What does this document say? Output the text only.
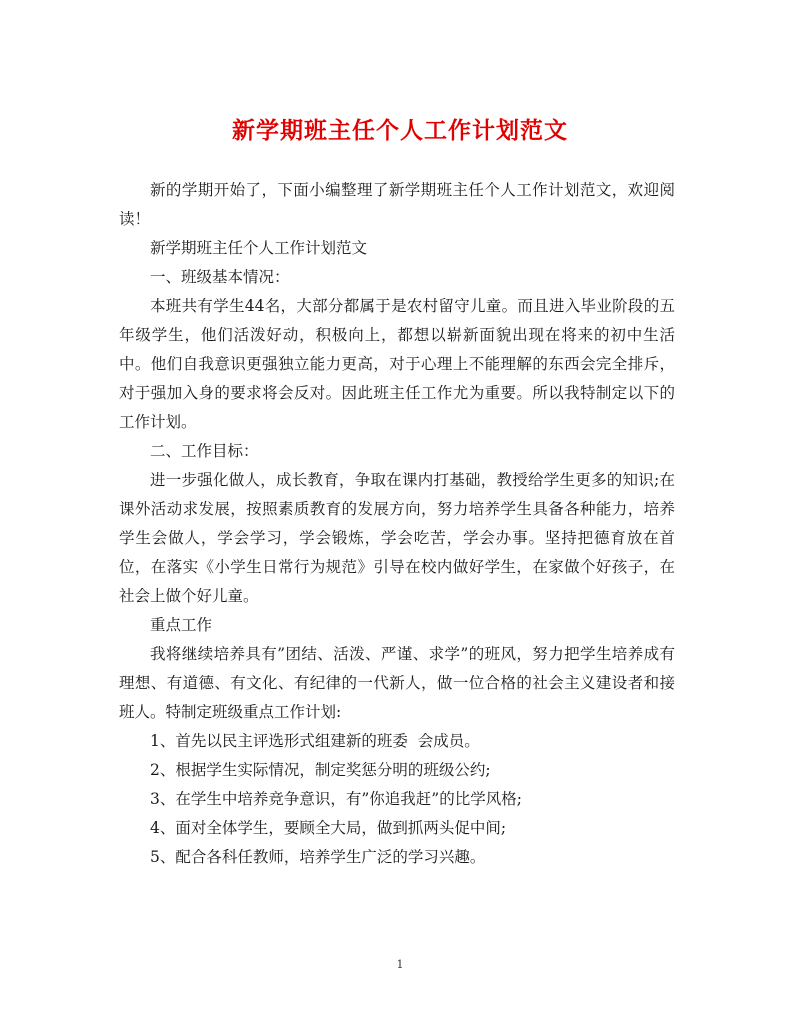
新学期班主任个人工作计划范文

新的学期开始了，下面小编整理了新学期班主任个人工作计划范文，欢迎阅读！

新学期班主任个人工作计划范文

一、班级基本情况：

本班共有学生44名，大部分都属于是农村留守儿童。而且进入毕业阶段的五年级学生，他们活泼好动，积极向上，都想以崭新面貌出现在将来的初中生活中。他们自我意识更强独立能力更高，对于心理上不能理解的东西会完全排斥，对于强加入身的要求将会反对。因此班主任工作尤为重要。所以我特制定以下的工作计划。

二、工作目标：

进一步强化做人，成长教育，争取在课内打基础，教授给学生更多的知识;在课外活动求发展，按照素质教育的发展方向，努力培养学生具备各种能力，培养学生会做人，学会学习，学会锻炼，学会吃苦，学会办事。坚持把德育放在首位，在落实《小学生日常行为规范》引导在校内做好学生，在家做个好孩子，在社会上做个好儿童。

重点工作

我将继续培养具有”团结、活泼、严谨、求学”的班风，努力把学生培养成有理想、有道德、有文化、有纪律的一代新人，做一位合格的社会主义建设者和接班人。特制定班级重点工作计划:

1、首先以民主评选形式组建新的班委  会成员。

2、根据学生实际情况，制定奖惩分明的班级公约;

3、在学生中培养竞争意识，有”你追我赶”的比学风格;

4、面对全体学生，要顾全大局，做到抓两头促中间;

5、配合各科任教师，培养学生广泛的学习兴趣。

1
